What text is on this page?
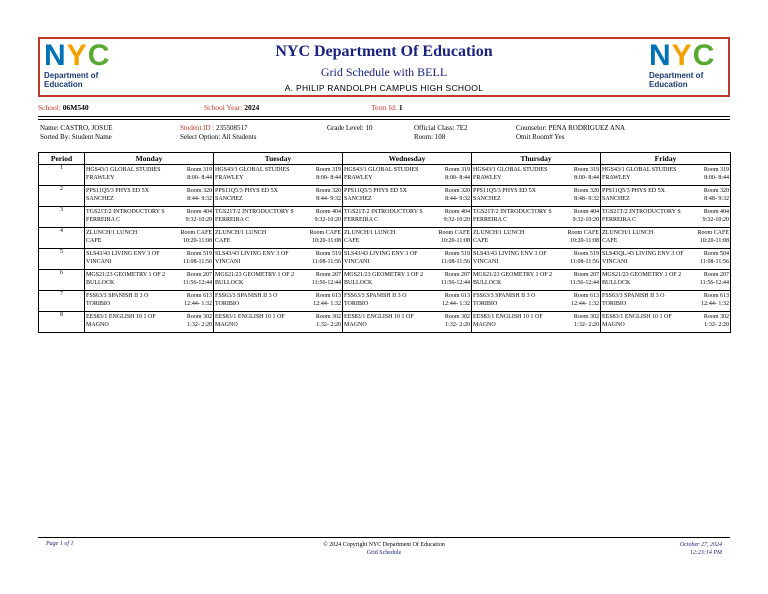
N Y C
Department of
Education
NYC Department Of Education
Grid Schedule with BELL
A. PHILIP RANDOLPH CAMPUS HIGH SCHOOL
N Y C
Department of
Education
School: 06M540	School Year: 2024	Term Id: 1
Name: CASTRO, JOSUE
Sorted By: Student Name
Student ID : 235508517
Select Option: All Students
Grade Level: 10	Official Class: 7E2
Room: 108
Counselor: PENA RODRIGUEZ ANA
Omit Room# Yes
Period	Monday	Tuesday	Wednesday	Thursday	Friday
1	HGS43/1 GLOBAL STUDIES
FRAWLEY
Room 319
8:00- 8:44	HGS43/1 GLOBAL STUDIES
FRAWLEY
Room 319
8:00- 8:44	HGS43/1 GLOBAL STUDIES
FRAWLEY
Room 319
8:00- 8:44	HGS43/1 GLOBAL STUDIES
FRAWLEY
Room 319
8:00- 8:44	HGS43/1 GLOBAL STUDIES
FRAWLEY
Room 319
8:00- 8:44

2	PPS11Q5/3 PHYS ED 5X
SANCHEZ
Room 320
8:44- 9:32	PPS11Q5/3 PHYS ED 5X
SANCHEZ
Room 320
8:44- 9:32	PPS11Q5/3 PHYS ED 5X
SANCHEZ
Room 320
8:44- 9:32	PPS11Q5/3 PHYS ED 5X
SANCHEZ
Room 320
8:48- 9:32	PPS11Q5/3 PHYS ED 5X
SANCHEZ
Room 320
8:48- 9:32

3	TGS21T/2 INTRODUCTORY S
FERREIRA C
Room 404
9:32-10:20	TGS21T/2 INTRODUCTORY S
FERREIRA C
Room 404
9:32-10:20	TGS21T/2 INTRODUCTORY S
FERREIRA C
Room 404
9:32-10:20	TGS21T/2 INTRODUCTORY S
FERREIRA C
Room 404
9:32-10:20	TGS21T/2 INTRODUCTORY S
FERREIRA C
Room 404
9:32-10:20

4	ZLUNCH/1 LUNCH
CAFE
Room CAFE
10:20-11:08	ZLUNCH/1 LUNCH
CAFE
Room CAFE
10:20-11:08	ZLUNCH/1 LUNCH
CAFE
Room CAFE
10:20-11:08	ZLUNCH/1 LUNCH
CAFE
Room CAFE
10:20-11:08	ZLUNCH/1 LUNCH
CAFE
Room CAFE
10:20-11:08

5	SLS43/43 LIVING ENV 3 OF
VINCANI
Room 519
11:08-11:56	SLS43/43 LIVING ENV 3 OF
VINCANI
Room 519
11:08-11:56	SLS43/43 LIVING ENV 3 OF
VINCANI
Room 519
11:08-11:56	SLS43/43 LIVING ENV 3 OF
VINCANI
Room 519
11:08-11:56	SLS43QL/43 LIVING ENV 3 OF
VINCANI
Room 504
11:08-11:56

6	MGS21/23 GEOMETRY 1 OF 2
BULLOCK
Room 207
11:56-12:44	MGS21/23 GEOMETRY 1 OF 2
BULLOCK
Room 207
11:56-12:44	MGS21/23 GEOMETRY 1 OF 2
BULLOCK
Room 207
11:56-12:44	MGS21/23 GEOMETRY 1 OF 2
BULLOCK
Room 207
11:56-12:44	MGS21/23 GEOMETRY 1 OF 2
BULLOCK
Room 207
11:56-12:44

7	FSS63/3 SPANISH II 3 O
TORIBIO
Room 613
12:44- 1:32	FSS63/3 SPANISH II 3 O
TORIBIO
Room 613
12:44- 1:32	FSS63/3 SPANISH II 3 O
TORIBIO
Room 613
12:44- 1:32	FSS63/3 SPANISH II 3 O
TORIBIO
Room 613
12:44- 1:32	FSS63/3 SPANISH II 3 O
TORIBIO
Room 613
12:44- 1:32

8	EES83/1 ENGLISH 10 1 OF
MAGNO
Room 302
1:32- 2:20	EES83/1 ENGLISH 10 1 OF
MAGNO
Room 302
1:32- 2:20	EES83/1 ENGLISH 10 1 OF
MAGNO
Room 302
1:32- 2:20	EES83/1 ENGLISH 10 1 OF
MAGNO
Room 302
1:32- 2:20	EES83/1 ENGLISH 10 1 OF
MAGNO
Room 302
1:32- 2:20
Page 1 of 1	© 2024 Copyright NYC Department Of Education
Grid Schedule
October 27, 2024
12:23:14 PM
